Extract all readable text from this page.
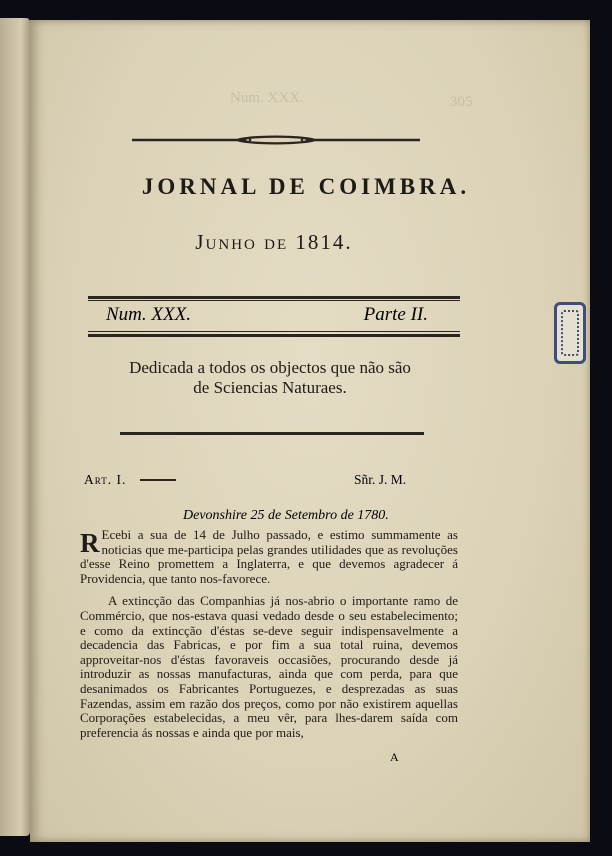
Num. XXX.	305
JORNAL DE COIMBRA.
Junho de 1814.
Num. XXX.	Parte II.
Dedicada a todos os objectos que não são
de Sciencias Naturaes.
Art. I.	Sñr. J. M.
Devonshire 25 de Setembro de 1780.

R Ecebi a sua de 14 de Julho passado, e estimo summamente as noticias que me-participa pelas grandes utilidades que as revoluções d'esse Reino promettem a Inglaterra, e que devemos agradecer á Providencia, que tanto nos-favorece.

A extincção das Companhias já nos-abrio o importante ramo de Commércio, que nos-estava quasi vedado desde o seu estabelecimento; e como da extincção d'éstas se-deve seguir indispensavelmente a decadencia das Fabricas, e por fim a sua total ruina, devemos approveitar-nos d'éstas favoraveis occasiões, procurando desde já introduzir as nossas manufacturas, ainda que com perda, para que desanimados os Fabricantes Portuguezes, e desprezadas as suas Fazendas, assim em razão dos preços, como por não existirem aquellas Corporações estabelecidas, a meu vêr, para lhes-darem saída com preferencia ás nossas e ainda que por mais,

A
